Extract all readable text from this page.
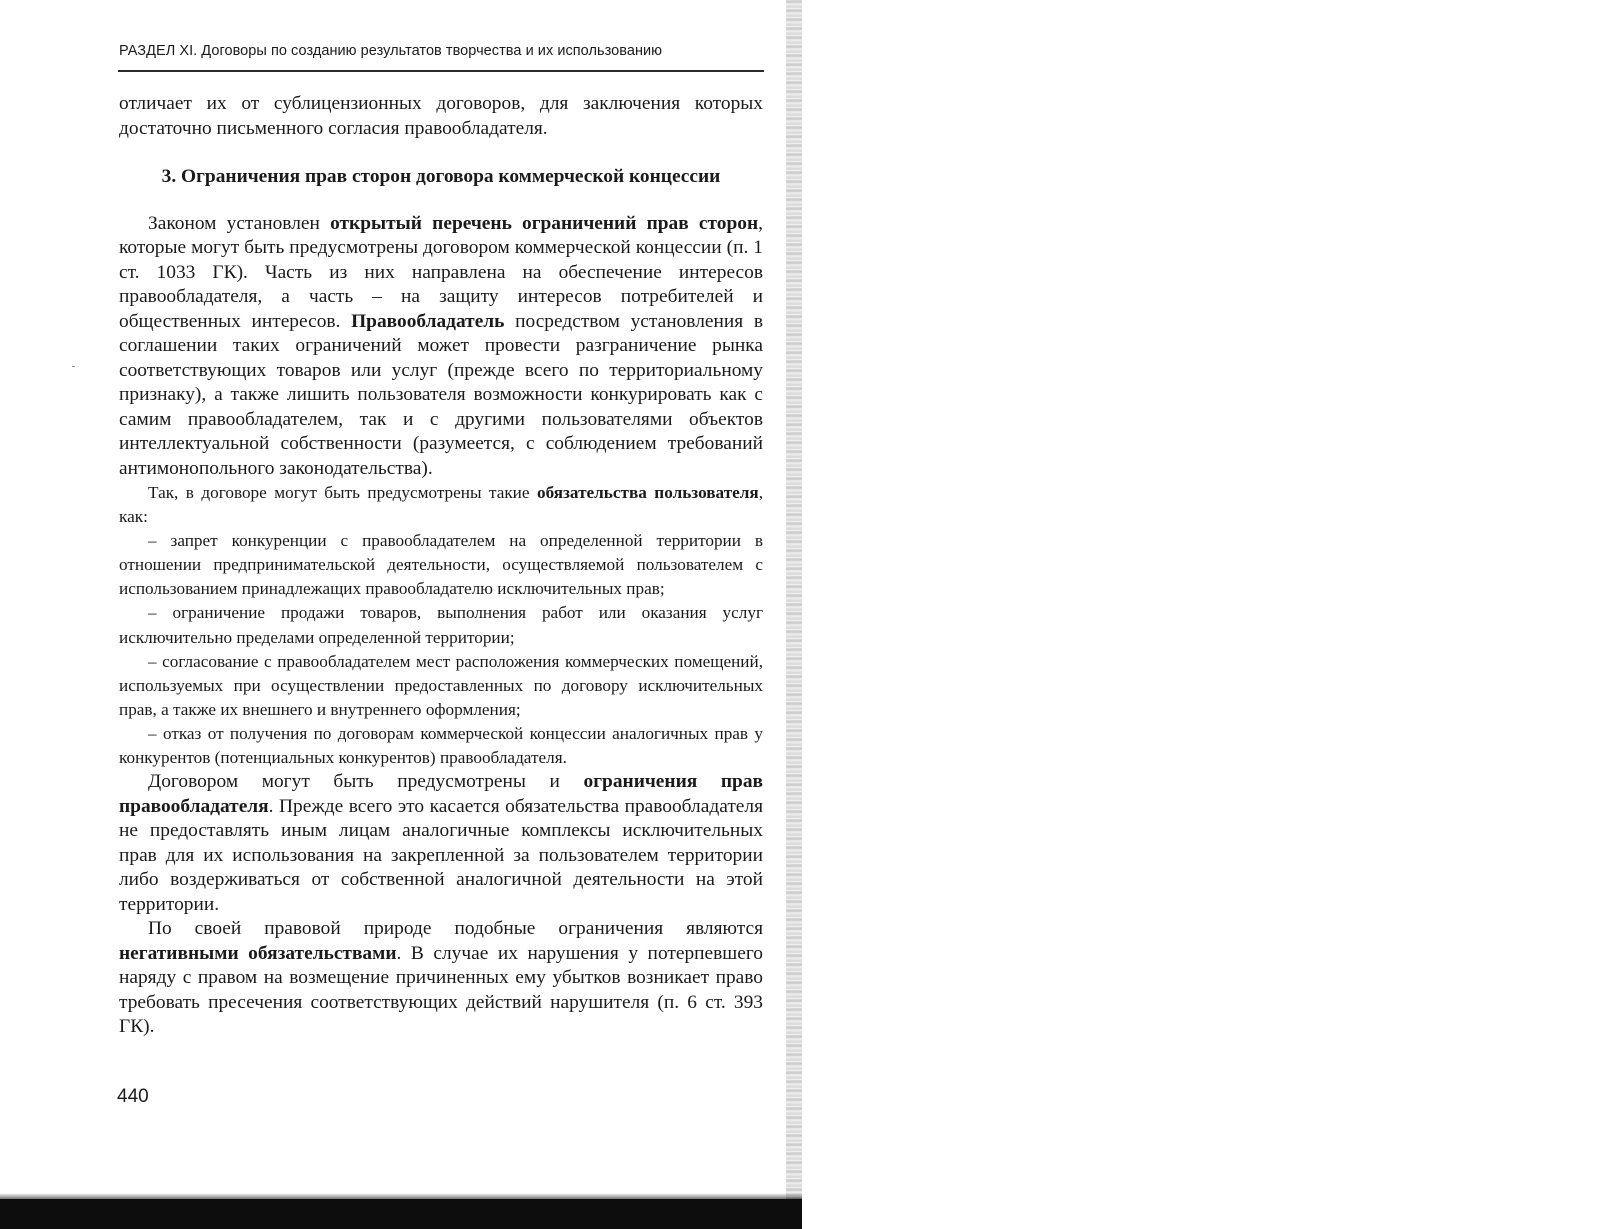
РАЗДЕЛ XI. Договоры по созданию результатов творчества и их использованию

отличает их от сублицензионных договоров, для заключения которых достаточно письменного согласия правообладателя.

3. Ограничения прав сторон договора коммерческой концессии

Законом установлен открытый перечень ограничений прав сторон, которые могут быть предусмотрены договором коммерческой концессии (п. 1 ст. 1033 ГК). Часть из них направлена на обеспечение интересов правообладателя, а часть – на защиту интересов потребителей и общественных интересов. Правообладатель посредством установления в соглашении таких ограничений может провести разграничение рынка соответствующих товаров или услуг (прежде всего по территориальному признаку), а также лишить пользователя возможности конкурировать как с самим правообладателем, так и с другими пользователями объектов интеллектуальной собственности (разумеется, с соблюдением требований антимонопольного законодательства).

Так, в договоре могут быть предусмотрены такие обязательства пользователя, как:

– запрет конкуренции с правообладателем на определенной территории в отношении предпринимательской деятельности, осуществляемой пользователем с использованием принадлежащих правообладателю исключительных прав;

– ограничение продажи товаров, выполнения работ или оказания услуг исключительно пределами определенной территории;

– согласование с правообладателем мест расположения коммерческих помещений, используемых при осуществлении предоставленных по договору исключительных прав, а также их внешнего и внутреннего оформления;

– отказ от получения по договорам коммерческой концессии аналогичных прав у конкурентов (потенциальных конкурентов) правообладателя.

Договором могут быть предусмотрены и ограничения прав правообладателя. Прежде всего это касается обязательства правообладателя не предоставлять иным лицам аналогичные комплексы исключительных прав для их использования на закрепленной за пользователем территории либо воздерживаться от собственной аналогичной деятельности на этой территории.

По своей правовой природе подобные ограничения являются негативными обязательствами. В случае их нарушения у потерпевшего наряду с правом на возмещение причиненных ему убытков возникает право требовать пресечения соответствующих действий нарушителя (п. 6 ст. 393 ГК).

440
